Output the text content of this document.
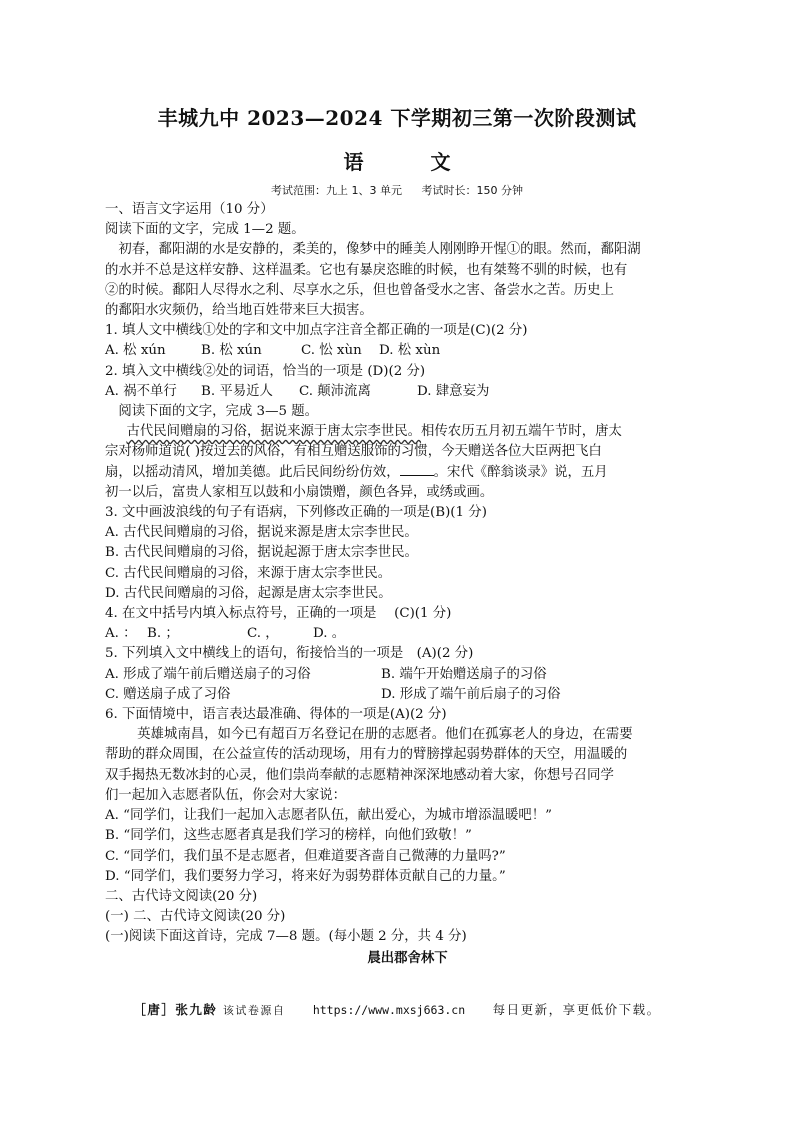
丰城九中 2023—2024 下学期初三第一次阶段测试
语 文
考试范围：九上 1、3 单元 考试时长：150 分钟

一、语言文字运用（10 分）

阅读下面的文字，完成 1—2 题。

初春，鄱阳湖的水是安静的，柔美的，像梦中的睡美人刚刚睁开惺①的眼。然而，鄱阳湖

的水并不总是这样安静、这样温柔。它也有暴戾恣睢的时候，也有桀骜不驯的时候，也有

②的时候。鄱阳人尽得水之利、尽享水之乐，但也曾备受水之害、备尝水之苦。历史上

的鄱阳水灾频仍，给当地百姓带来巨大损害。

1. 填人文中横线①处的字和文中加点字注音全都正确的一项是(C)(2 分)

A. 松 xún	B. 松 xún	C. 忪 xùn	D. 松 xùn

2. 填入文中横线②处的词语，恰当的一项是 (D)(2 分)

A. 祸不单行	B. 平易近人	C. 颠沛流离	D. 肆意妄为

阅读下面的文字，完成 3—5 题。

古代民间赠扇的习俗，据说来源于唐太宗李世民。相传农历五月初五端午节时，唐太

宗对杨师道说( )按过去的风俗，有相互赠送服饰的习惯，今天赠送各位大臣两把飞白

扇，以摇动清风，增加美德。此后民间纷纷仿效，	。宋代《醉翁谈录》说，五月

初一以后，富贵人家相互以鼓和小扇馈赠，颜色各异，或绣或画。

3. 文中画波浪线的句子有语病，下列修改正确的一项是(B)(1 分)

A. 古代民间赠扇的习俗，据说来源是唐太宗李世民。

B. 古代民间赠扇的习俗，据说起源于唐太宗李世民。

C. 古代民间赠扇的习俗，来源于唐太宗李世民。

D. 古代民间赠扇的习俗，起源是唐太宗李世民。

4. 在文中括号内填入标点符号，正确的一项是　 (C)(1 分)

A. ： B. ；	C. ，	D. 。

5. 下列填入文中横线上的语句，衔接恰当的一项是　(A)(2 分)

A. 形成了端午前后赠送扇子的习俗	B. 端午开始赠送扇子的习俗

C. 赠送扇子成了习俗	D. 形成了端午前后扇子的习俗

6. 下面情境中，语言表达最准确、得体的一项是(A)(2 分)

英雄城南昌，如今已有超百万名登记在册的志愿者。他们在孤寡老人的身边，在需要

帮助的群众周围，在公益宣传的活动现场，用有力的臂膀撑起弱势群体的天空，用温暖的

双手揭热无数冰封的心灵，他们祟尚奉献的志愿精神深深地感动着大家，你想号召同学

们一起加入志愿者队伍，你会对大家说：

A. “同学们，让我们一起加入志愿者队伍，献出爱心，为城市增添温暖吧！”

B. “同学们，这些志愿者真是我们学习的榜样，向他们致敬！”

C. “同学们，我们虽不是志愿者，但难道要吝啬自己微薄的力量吗?”

D. “同学们，我们要努力学习，将来好为弱势群体贡献自己的力量。”

二、古代诗文阅读(20 分)

(一) 二、古代诗文阅读(20 分)

(一)阅读下面这首诗，完成 7—8 题。(每小题 2 分，共 4 分)

晨出郡舍林下

［唐］张九龄 该试卷源自 https://www.mxsj663.cn 每日更新，享更低价下载。
